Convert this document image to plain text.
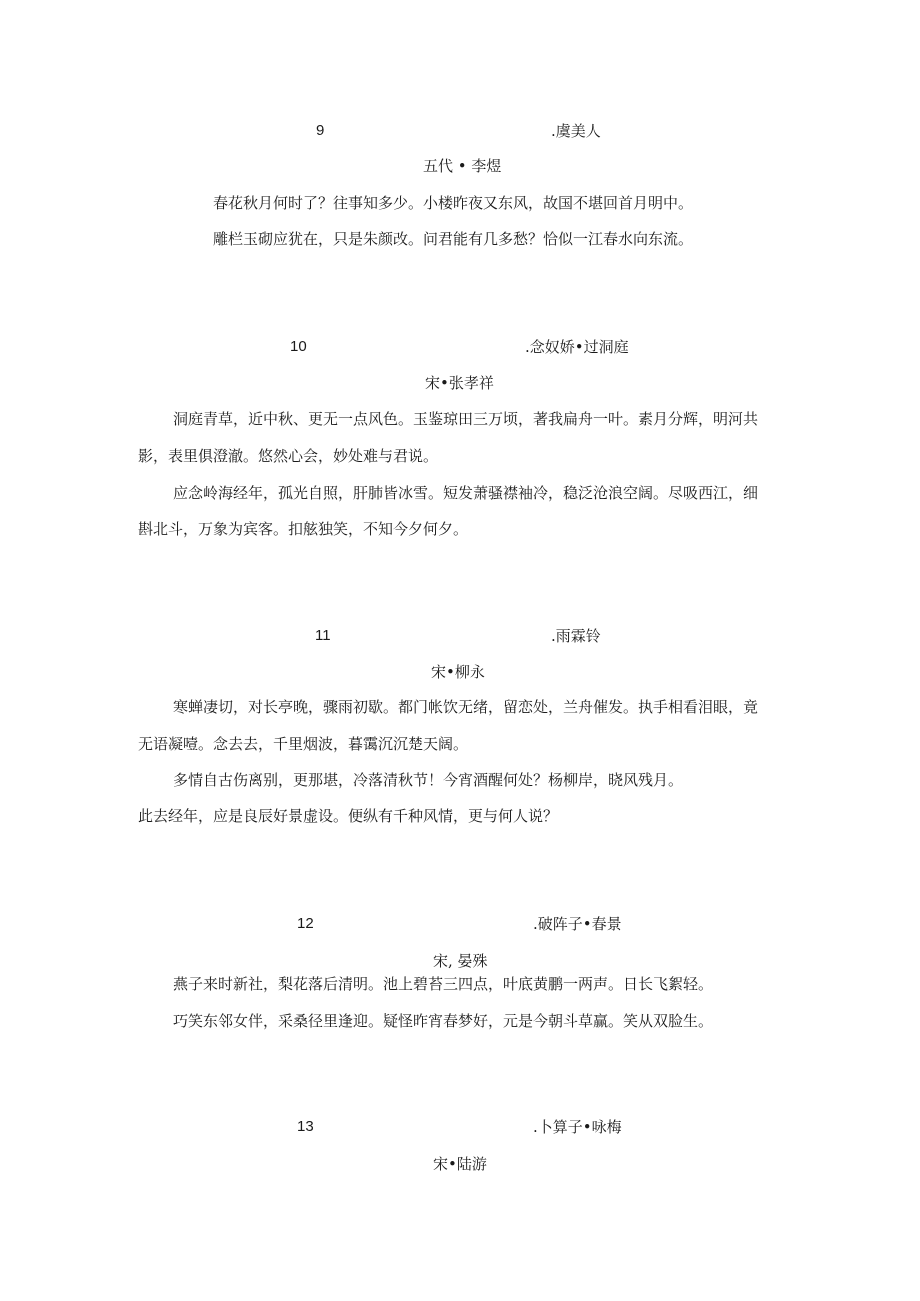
9	.虞美人
五代 • 李煜
春花秋月何时了？往事知多少。小楼昨夜又东风，故国不堪回首月明中。
雕栏玉砌应犹在，只是朱颜改。问君能有几多愁？恰似一江春水向东流。
10	.念奴娇•过洞庭
宋•张孝祥
洞庭青草，近中秋、更无一点风色。玉鉴琼田三万顷，著我扁舟一叶。素月分辉，明河共
影，表里俱澄澈。悠然心会，妙处难与君说。
应念岭海经年，孤光自照，肝肺皆冰雪。短发萧骚襟袖冷，稳泛沧浪空阔。尽吸西江，细
斟北斗，万象为宾客。扣舷独笑，不知今夕何夕。
11	.雨霖铃
宋•柳永
寒蝉凄切，对长亭晚，骤雨初歇。都门帐饮无绪，留恋处，兰舟催发。执手相看泪眼，竟
无语凝噎。念去去，千里烟波，暮霭沉沉楚天阔。
多情自古伤离别，更那堪，冷落清秋节！今宵酒醒何处？杨柳岸，晓风残月。
此去经年，应是良辰好景虚设。便纵有千种风情，更与何人说？
12	.破阵子•春景
宋, 晏殊
燕子来时新社，梨花落后清明。池上碧苔三四点，叶底黄鹏一两声。日长飞絮轻。
巧笑东邻女伴，采桑径里逢迎。疑怪昨宵春梦好，元是今朝斗草赢。笑从双脸生。
13	.卜算子•咏梅
宋•陆游
